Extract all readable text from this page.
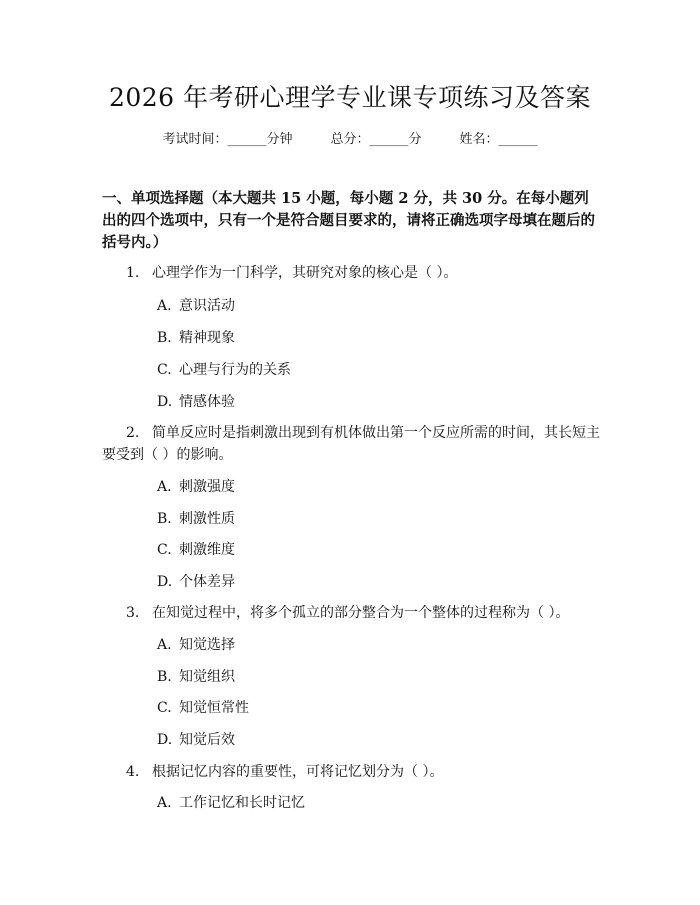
2026 年考研心理学专业课专项练习及答案
考试时间：______分钟	总分：______分	姓名：______
一、单项选择题（本大题共 15 小题，每小题 2 分，共 30 分。在每小题列出的四个选项中，只有一个是符合题目要求的，请将正确选项字母填在题后的括号内。）
1. 心理学作为一门科学，其研究对象的核心是（ ）。
A. 意识活动
B. 精神现象
C. 心理与行为的关系
D. 情感体验
2. 简单反应时是指刺激出现到有机体做出第一个反应所需的时间，其长短主要受到（ ）的影响。
A. 刺激强度
B. 刺激性质
C. 刺激维度
D. 个体差异
3. 在知觉过程中，将多个孤立的部分整合为一个整体的过程称为（ ）。
A. 知觉选择
B. 知觉组织
C. 知觉恒常性
D. 知觉后效
4. 根据记忆内容的重要性，可将记忆划分为（ ）。
A. 工作记忆和长时记忆
